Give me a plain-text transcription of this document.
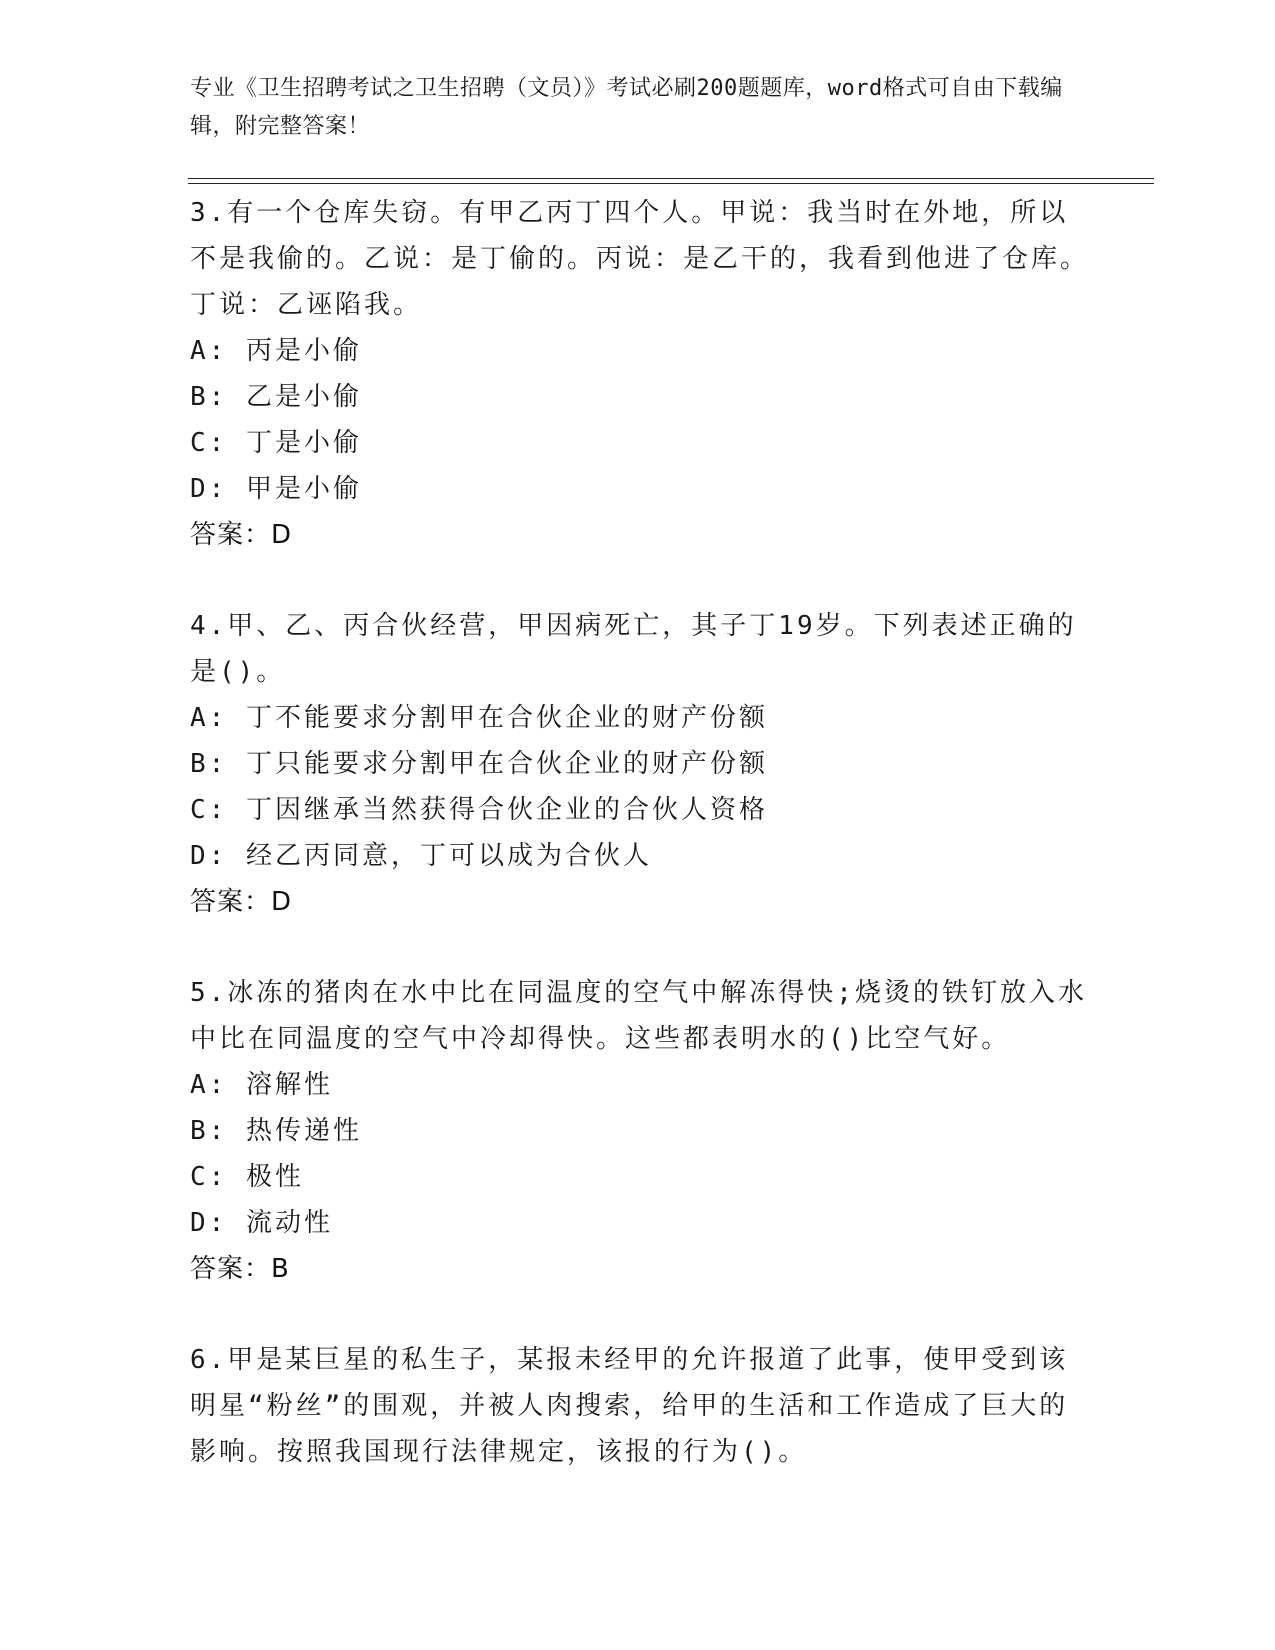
专业《卫生招聘考试之卫生招聘（文员）》考试必刷200题题库，word格式可自由下载编辑，附完整答案！

3.有一个仓库失窃。有甲乙丙丁四个人。甲说：我当时在外地，所以不是我偷的。乙说：是丁偷的。丙说：是乙干的，我看到他进了仓库。丁说：乙诬陷我。

A: 丙是小偷

B: 乙是小偷

C: 丁是小偷

D: 甲是小偷

答案：D

4.甲、乙、丙合伙经营，甲因病死亡，其子丁19岁。下列表述正确的是()。

A: 丁不能要求分割甲在合伙企业的财产份额

B: 丁只能要求分割甲在合伙企业的财产份额

C: 丁因继承当然获得合伙企业的合伙人资格

D: 经乙丙同意，丁可以成为合伙人

答案：D

5.冰冻的猪肉在水中比在同温度的空气中解冻得快;烧烫的铁钉放入水中比在同温度的空气中冷却得快。这些都表明水的()比空气好。

A: 溶解性

B: 热传递性

C: 极性

D: 流动性

答案：B

6.甲是某巨星的私生子，某报未经甲的允许报道了此事，使甲受到该明星“粉丝”的围观，并被人肉搜索，给甲的生活和工作造成了巨大的影响。按照我国现行法律规定，该报的行为()。
